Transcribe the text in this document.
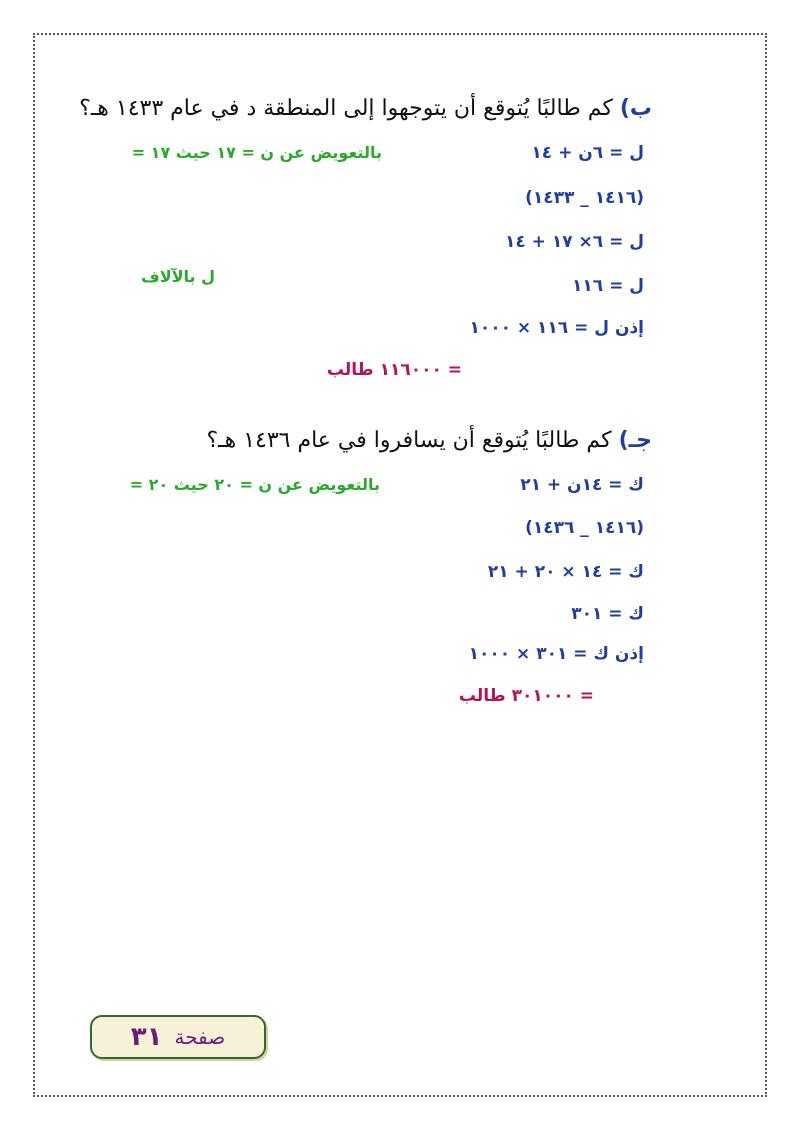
ب) كم طالبًا يُتوقع أن يتوجهوا إلى المنطقة د في عام ١٤٣٣ هـ؟
ل = ٦ن + ١٤
بالتعويض عن ن = ١٧ حيث ١٧ =
(١٤١٦ _ ١٤٣٣)
ل = ٦× ١٧ + ١٤
ل = ١١٦
ل بالآلاف
إذن ل = ١١٦ × ١٠٠٠
= ١١٦٠٠٠ طالب
جـ) كم طالبًا يُتوقع أن يسافروا في عام ١٤٣٦ هـ؟
ك = ١٤ن + ٢١
بالتعويض عن ن = ٢٠ حيث ٢٠ =
(١٤١٦ _ ١٤٣٦)
ك = ١٤ × ٢٠ + ٢١
ك = ٣٠١
إذن ك = ٣٠١ × ١٠٠٠
= ٣٠١٠٠٠ طالب
صفحة
٣١
